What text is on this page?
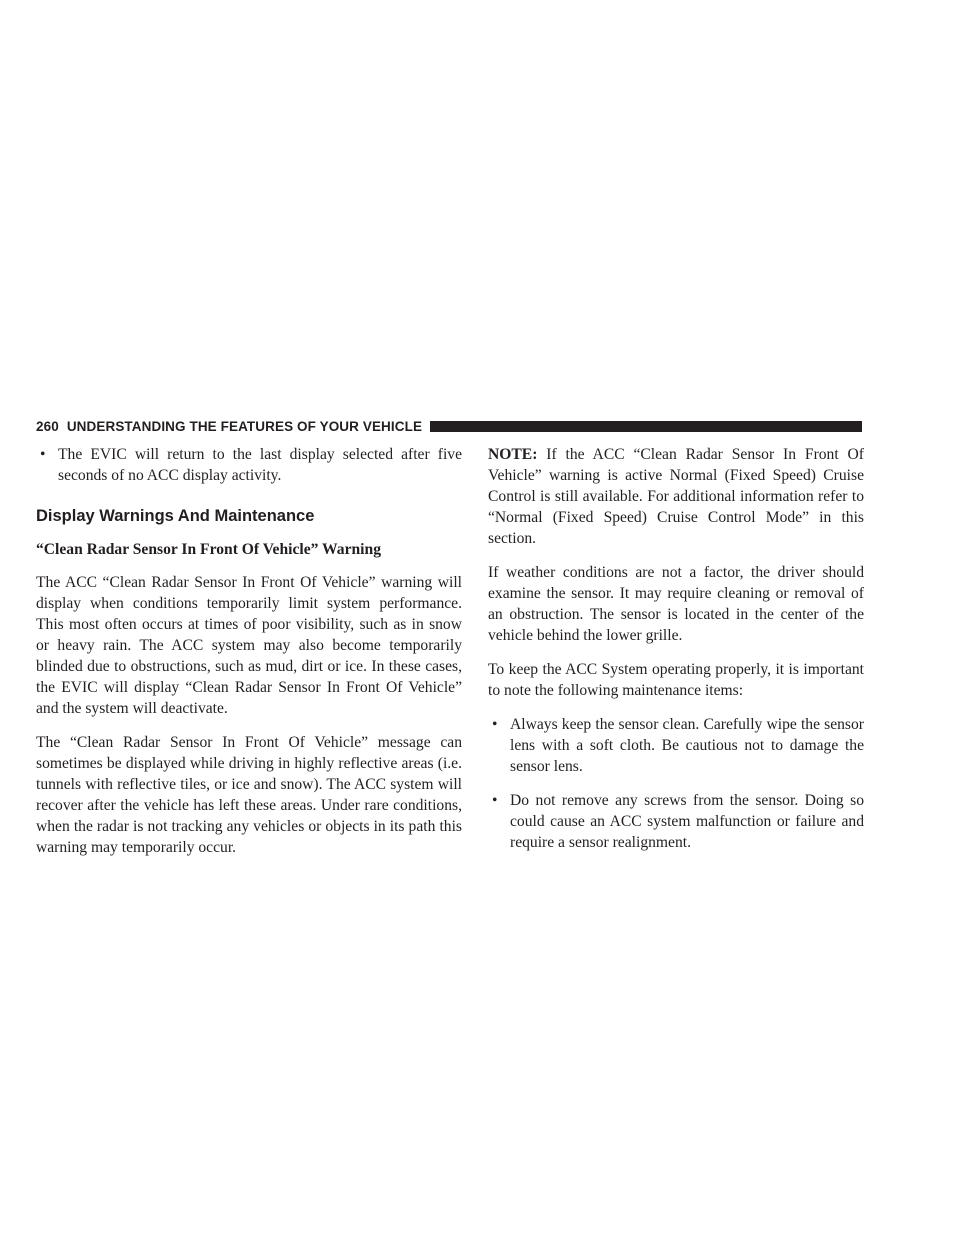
260 UNDERSTANDING THE FEATURES OF YOUR VEHICLE
• The EVIC will return to the last display selected after five seconds of no ACC display activity.
Display Warnings And Maintenance
“Clean Radar Sensor In Front Of Vehicle” Warning

The ACC “Clean Radar Sensor In Front Of Vehicle” warning will display when conditions temporarily limit system performance. This most often occurs at times of poor visibility, such as in snow or heavy rain. The ACC system may also become temporarily blinded due to obstructions, such as mud, dirt or ice. In these cases, the EVIC will display “Clean Radar Sensor In Front Of Vehicle” and the system will deactivate.

The “Clean Radar Sensor In Front Of Vehicle” message can sometimes be displayed while driving in highly reflective areas (i.e. tunnels with reflective tiles, or ice and snow). The ACC system will recover after the vehicle has left these areas. Under rare conditions, when the radar is not tracking any vehicles or objects in its path this warning may temporarily occur.

NOTE: If the ACC “Clean Radar Sensor In Front Of Vehicle” warning is active Normal (Fixed Speed) Cruise Control is still available. For additional information refer to “Normal (Fixed Speed) Cruise Control Mode” in this section.

If weather conditions are not a factor, the driver should examine the sensor. It may require cleaning or removal of an obstruction. The sensor is located in the center of the vehicle behind the lower grille.

To keep the ACC System operating properly, it is important to note the following maintenance items:

• Always keep the sensor clean. Carefully wipe the sensor lens with a soft cloth. Be cautious not to damage the sensor lens.
• Do not remove any screws from the sensor. Doing so could cause an ACC system malfunction or failure and require a sensor realignment.
